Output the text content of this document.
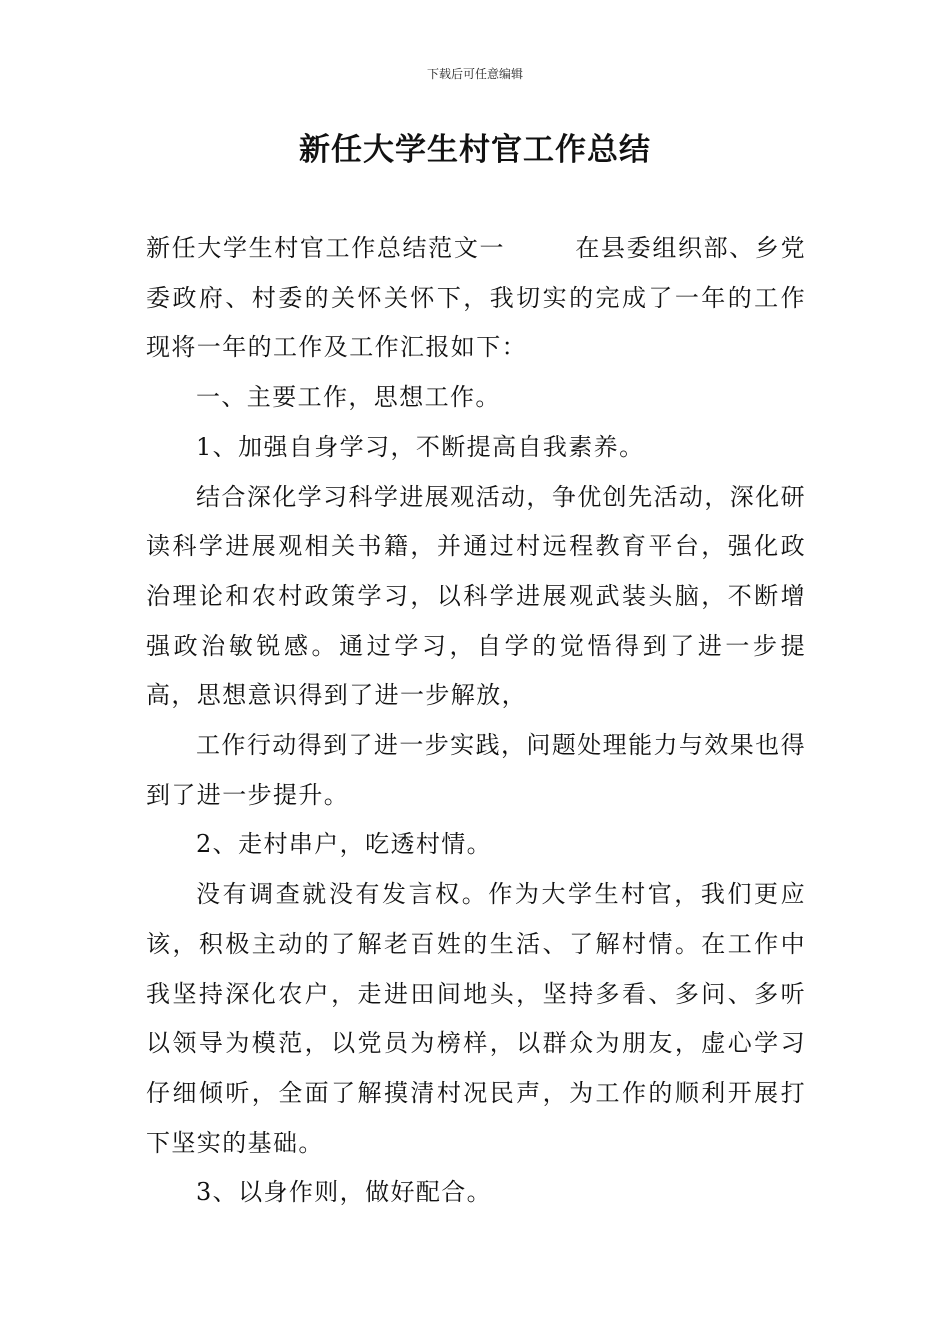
下载后可任意编辑
新任大学生村官工作总结

新任大学生村官工作总结范文一	在县委组织部、乡党委政府、村委的关怀关怀下，我切实的完成了一年的工作现将一年的工作及工作汇报如下：

一、主要工作，思想工作。

1、加强自身学习，不断提高自我素养。

结合深化学习科学进展观活动，争优创先活动，深化研读科学进展观相关书籍，并通过村远程教育平台，强化政治理论和农村政策学习，以科学进展观武装头脑，不断增强政治敏锐感。通过学习，自学的觉悟得到了进一步提高，思想意识得到了进一步解放，

工作行动得到了进一步实践，问题处理能力与效果也得到了进一步提升。

2、走村串户，吃透村情。

没有调查就没有发言权。作为大学生村官，我们更应该，积极主动的了解老百姓的生活、了解村情。在工作中我坚持深化农户，走进田间地头，坚持多看、多问、多听以领导为模范，以党员为榜样，以群众为朋友，虚心学习仔细倾听，全面了解摸清村况民声，为工作的顺利开展打下坚实的基础。

3、以身作则，做好配合。
